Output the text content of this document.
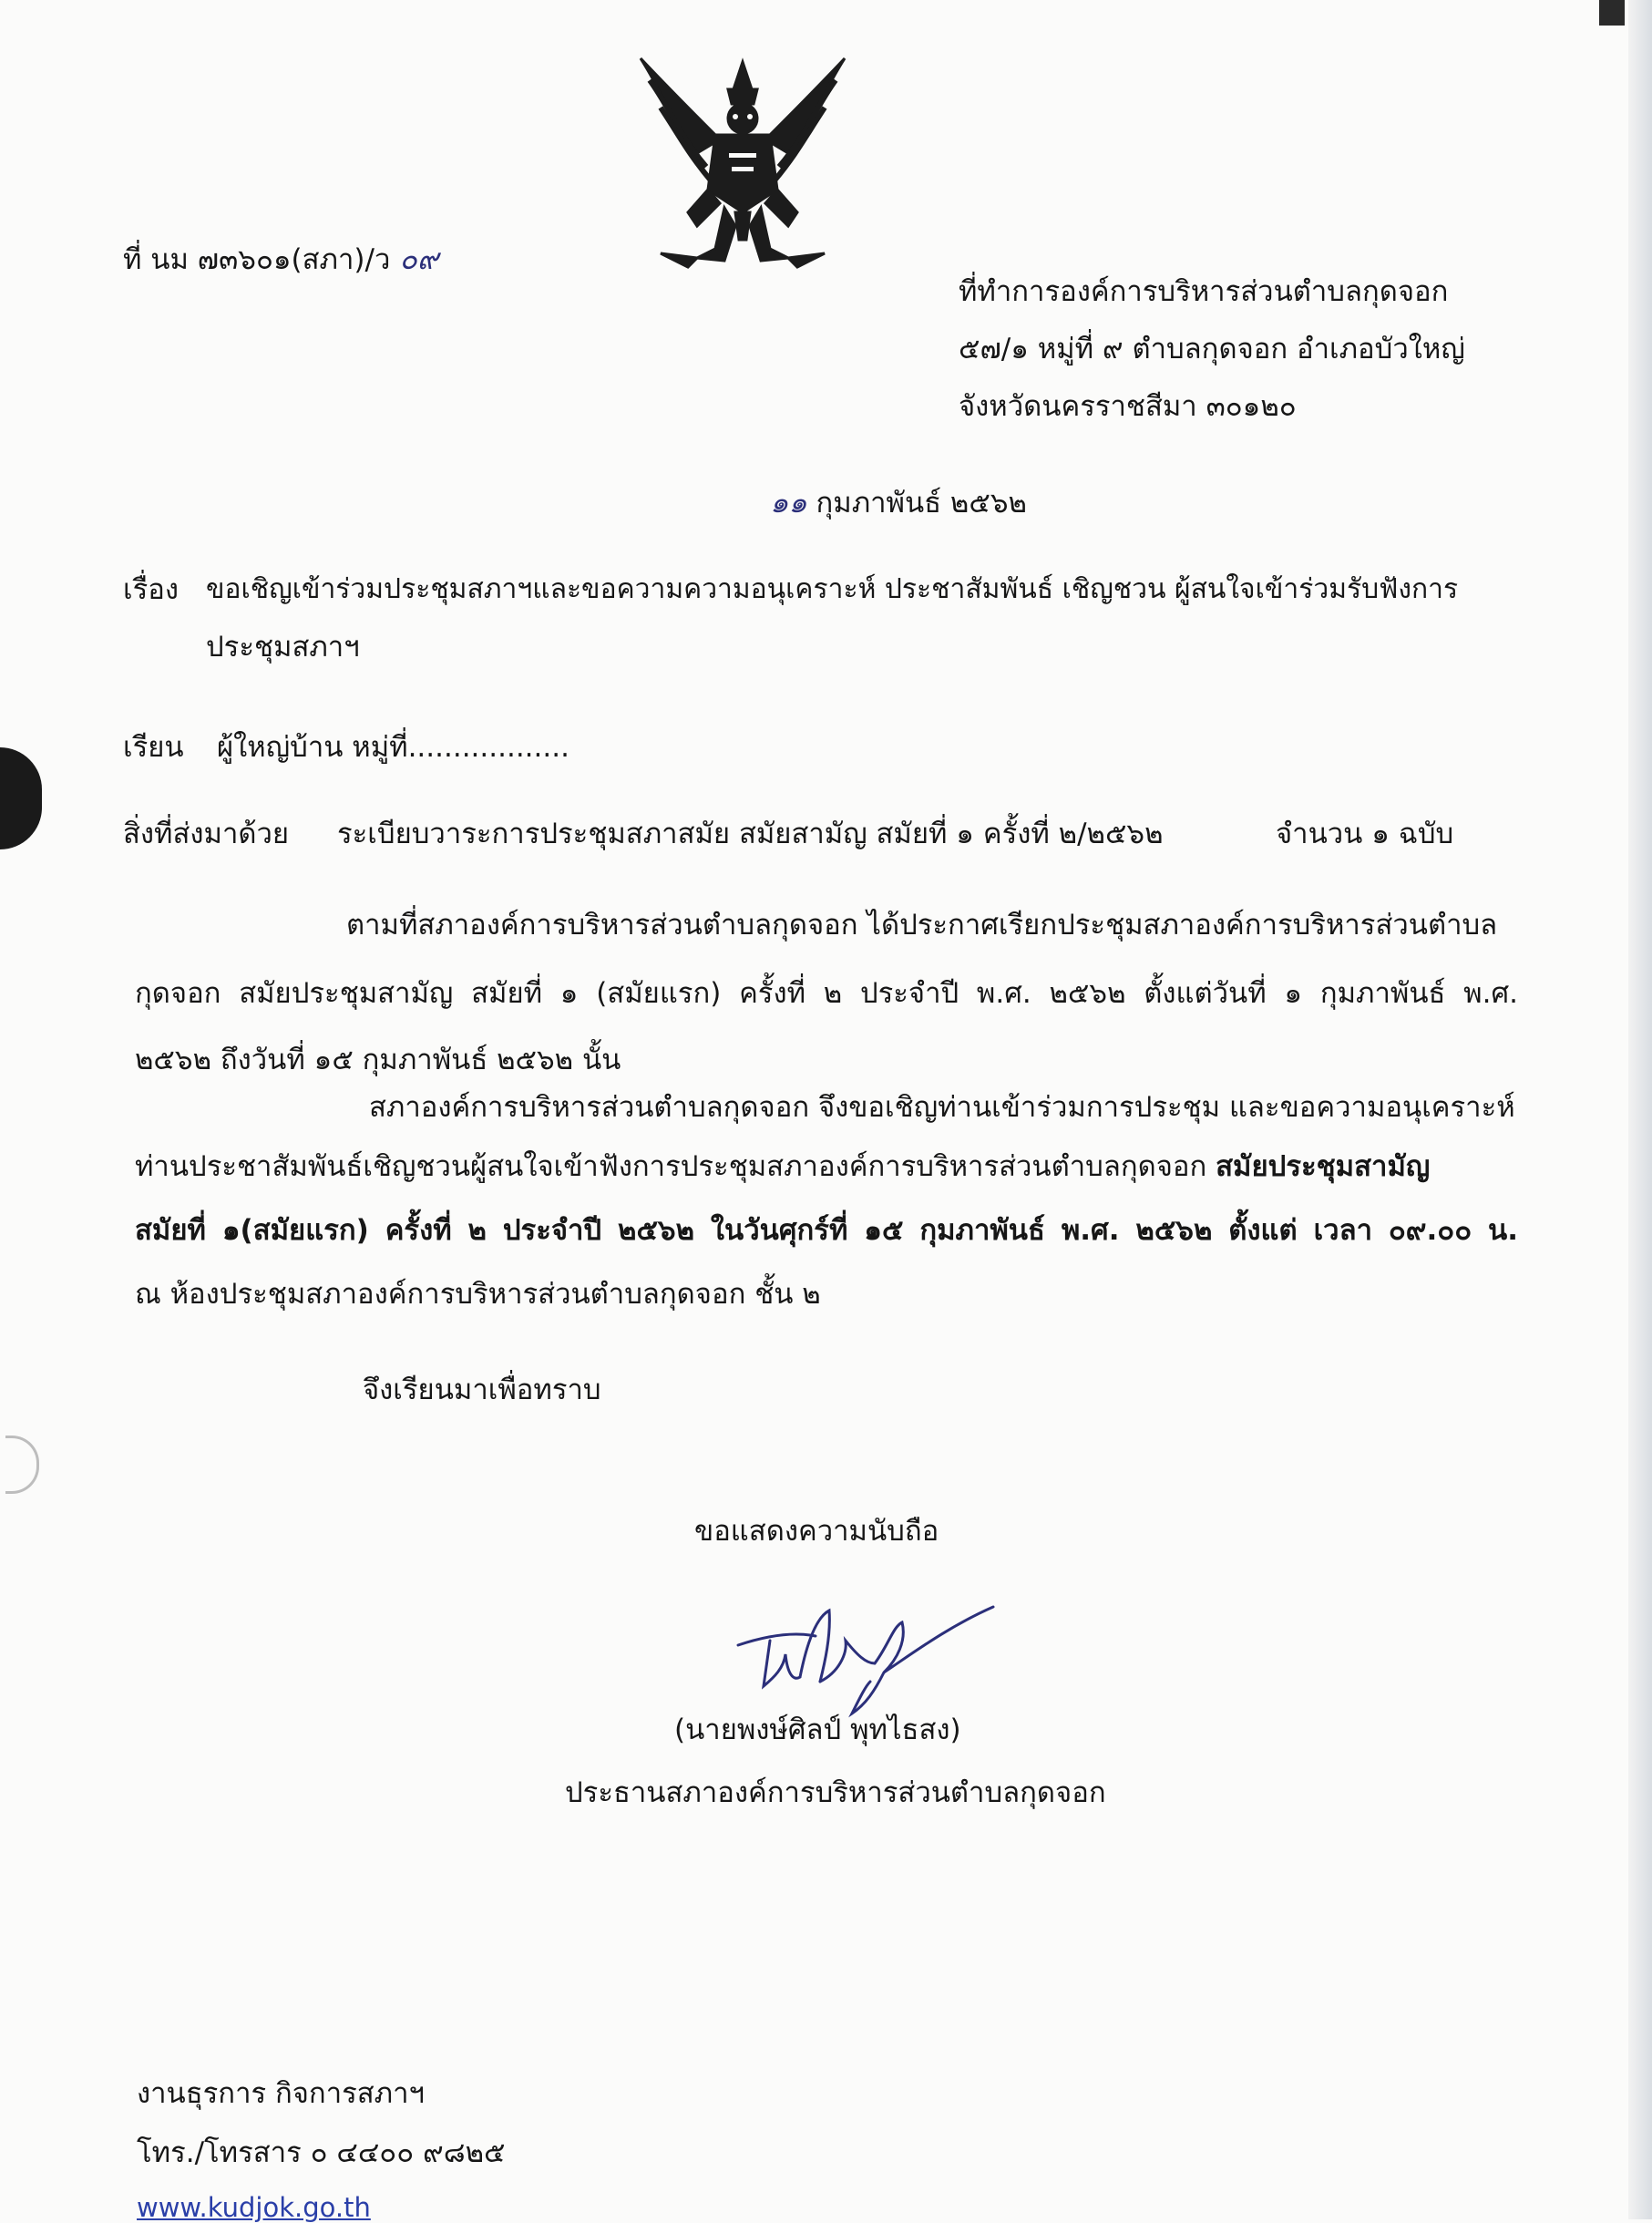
ที่ นม ๗๓๖๐๑(สภา)/ว ๐๙
ที่ทำการองค์การบริหารส่วนตำบลกุดจอก
๕๗/๑ หมู่ที่ ๙ ตำบลกุดจอก อำเภอบัวใหญ่
จังหวัดนครราชสีมา ๓๐๑๒๐
๑๑ กุมภาพันธ์ ๒๕๖๒
เรื่อง ขอเชิญเข้าร่วมประชุมสภาฯและขอความความอนุเคราะห์ ประชาสัมพันธ์ เชิญชวน ผู้สนใจเข้าร่วมรับฟังการ
ประชุมสภาฯ
เรียน ผู้ใหญ่บ้าน หมู่ที่..................
สิ่งที่ส่งมาด้วย ระเบียบวาระการประชุมสภาสมัย สมัยสามัญ สมัยที่ ๑ ครั้งที่ ๒/๒๕๖๒	จำนวน ๑ ฉบับ
ตามที่สภาองค์การบริหารส่วนตำบลกุดจอก ได้ประกาศเรียกประชุมสภาองค์การบริหารส่วนตำบล
กุดจอก สมัยประชุมสามัญ สมัยที่ ๑ (สมัยแรก) ครั้งที่ ๒ ประจำปี พ.ศ. ๒๕๖๒ ตั้งแต่วันที่ ๑ กุมภาพันธ์ พ.ศ.
๒๕๖๒ ถึงวันที่ ๑๕ กุมภาพันธ์ ๒๕๖๒ นั้น
สภาองค์การบริหารส่วนตำบลกุดจอก จึงขอเชิญท่านเข้าร่วมการประชุม และขอความอนุเคราะห์
ท่านประชาสัมพันธ์เชิญชวนผู้สนใจเข้าฟังการประชุมสภาองค์การบริหารส่วนตำบลกุดจอก สมัยประชุมสามัญ
สมัยที่ ๑(สมัยแรก) ครั้งที่ ๒ ประจำปี ๒๕๖๒ ในวันศุกร์ที่ ๑๕ กุมภาพันธ์ พ.ศ. ๒๕๖๒ ตั้งแต่ เวลา ๐๙.๐๐ น.
ณ ห้องประชุมสภาองค์การบริหารส่วนตำบลกุดจอก ชั้น ๒
จึงเรียนมาเพื่อทราบ
ขอแสดงความนับถือ
(นายพงษ์ศิลป์ พุทไธสง)
ประธานสภาองค์การบริหารส่วนตำบลกุดจอก
งานธุรการ กิจการสภาฯ
โทร./โทรสาร ๐ ๔๔๐๐ ๙๘๒๕
www.kudjok.go.th
